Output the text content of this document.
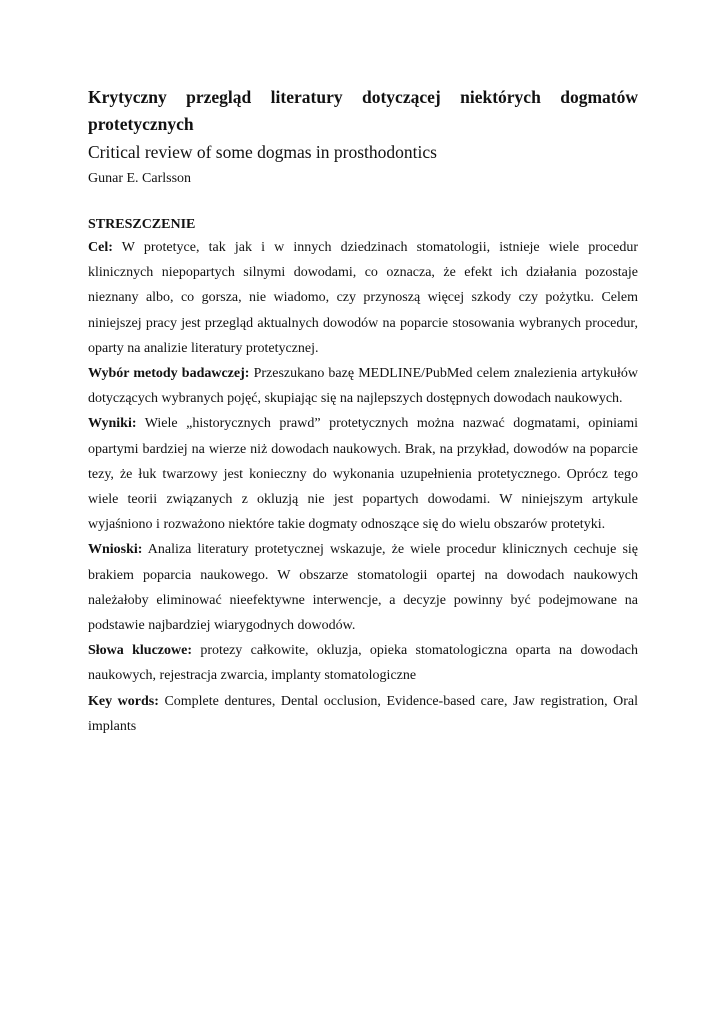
Krytyczny przegląd literatury dotyczącej niektórych dogmatów protetycznych
Critical review of some dogmas in prosthodontics
Gunar E. Carlsson
STRESZCZENIE

Cel: W protetyce, tak jak i w innych dziedzinach stomatologii, istnieje wiele procedur klinicznych niepopartych silnymi dowodami, co oznacza, że efekt ich działania pozostaje nieznany albo, co gorsza, nie wiadomo, czy przynoszą więcej szkody czy pożytku. Celem niniejszej pracy jest przegląd aktualnych dowodów na poparcie stosowania wybranych procedur, oparty na analizie literatury protetycznej.

Wybór metody badawczej: Przeszukano bazę MEDLINE/PubMed celem znalezienia artykułów dotyczących wybranych pojęć, skupiając się na najlepszych dostępnych dowodach naukowych.

Wyniki: Wiele „historycznych prawd” protetycznych można nazwać dogmatami, opiniami opartymi bardziej na wierze niż dowodach naukowych. Brak, na przykład, dowodów na poparcie tezy, że łuk twarzowy jest konieczny do wykonania uzupełnienia protetycznego. Oprócz tego wiele teorii związanych z okluzją nie jest popartych dowodami. W niniejszym artykule wyjaśniono i rozważono niektóre takie dogmaty odnoszące się do wielu obszarów protetyki.

Wnioski: Analiza literatury protetycznej wskazuje, że wiele procedur klinicznych cechuje się brakiem poparcia naukowego. W obszarze stomatologii opartej na dowodach naukowych należałoby eliminować nieefektywne interwencje, a decyzje powinny być podejmowane na podstawie najbardziej wiarygodnych dowodów.

Słowa kluczowe: protezy całkowite, okluzja, opieka stomatologiczna oparta na dowodach naukowych, rejestracja zwarcia, implanty stomatologiczne

Key words: Complete dentures, Dental occlusion, Evidence-based care, Jaw registration, Oral implants
